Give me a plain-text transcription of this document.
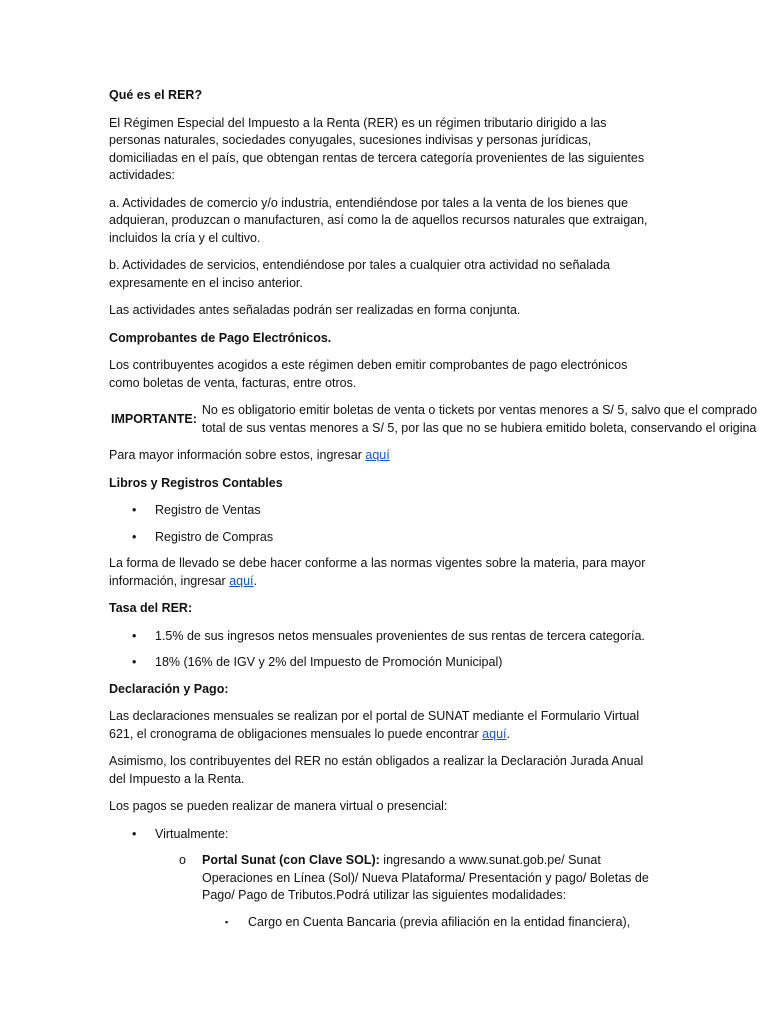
Qué es el RER?

El Régimen Especial del Impuesto a la Renta (RER) es un régimen tributario dirigido a las personas naturales, sociedades conyugales, sucesiones indivisas y personas jurídicas, domiciliadas en el país, que obtengan rentas de tercera categoría provenientes de las siguientes actividades:

a. Actividades de comercio y/o industria, entendiéndose por tales a la venta de los bienes que adquieran, produzcan o manufacturen, así como la de aquellos recursos naturales que extraigan, incluidos la cría y el cultivo.

b. Actividades de servicios, entendiéndose por tales a cualquier otra actividad no señalada expresamente en el inciso anterior.

Las actividades antes señaladas podrán ser realizadas en forma conjunta.

Comprobantes de Pago Electrónicos.

Los contribuyentes acogidos a este régimen deben emitir comprobantes de pago electrónicos como boletas de venta, facturas, entre otros.

IMPORTANTE:
No es obligatorio emitir boletas de venta o tickets por ventas menores a S/ 5, salvo que el comprado
total de sus ventas menores a S/ 5, por las que no se hubiera emitido boleta, conservando el origina

Para mayor información sobre estos, ingresar aquí

Libros y Registros Contables

•	Registro de Ventas
•	Registro de Compras

La forma de llevado se debe hacer conforme a las normas vigentes sobre la materia, para mayor información, ingresar aquí.

Tasa del RER:

•	1.5% de sus ingresos netos mensuales provenientes de sus rentas de tercera categoría.
•	18% (16% de IGV y 2% del Impuesto de Promoción Municipal)

Declaración y Pago:

Las declaraciones mensuales se realizan por el portal de SUNAT mediante el Formulario Virtual 621, el cronograma de obligaciones mensuales lo puede encontrar aquí.

Asimismo, los contribuyentes del RER no están obligados a realizar la Declaración Jurada Anual del Impuesto a la Renta.

Los pagos se pueden realizar de manera virtual o presencial:

•	Virtualmente:
o	Portal Sunat (con Clave SOL): ingresando a www.sunat.gob.pe/ Sunat Operaciones en Línea (Sol)/ Nueva Plataforma/ Presentación y pago/ Boletas de Pago/ Pago de Tributos.Podrá utilizar las siguientes modalidades:
▪	Cargo en Cuenta Bancaria (previa afiliación en la entidad financiera),
